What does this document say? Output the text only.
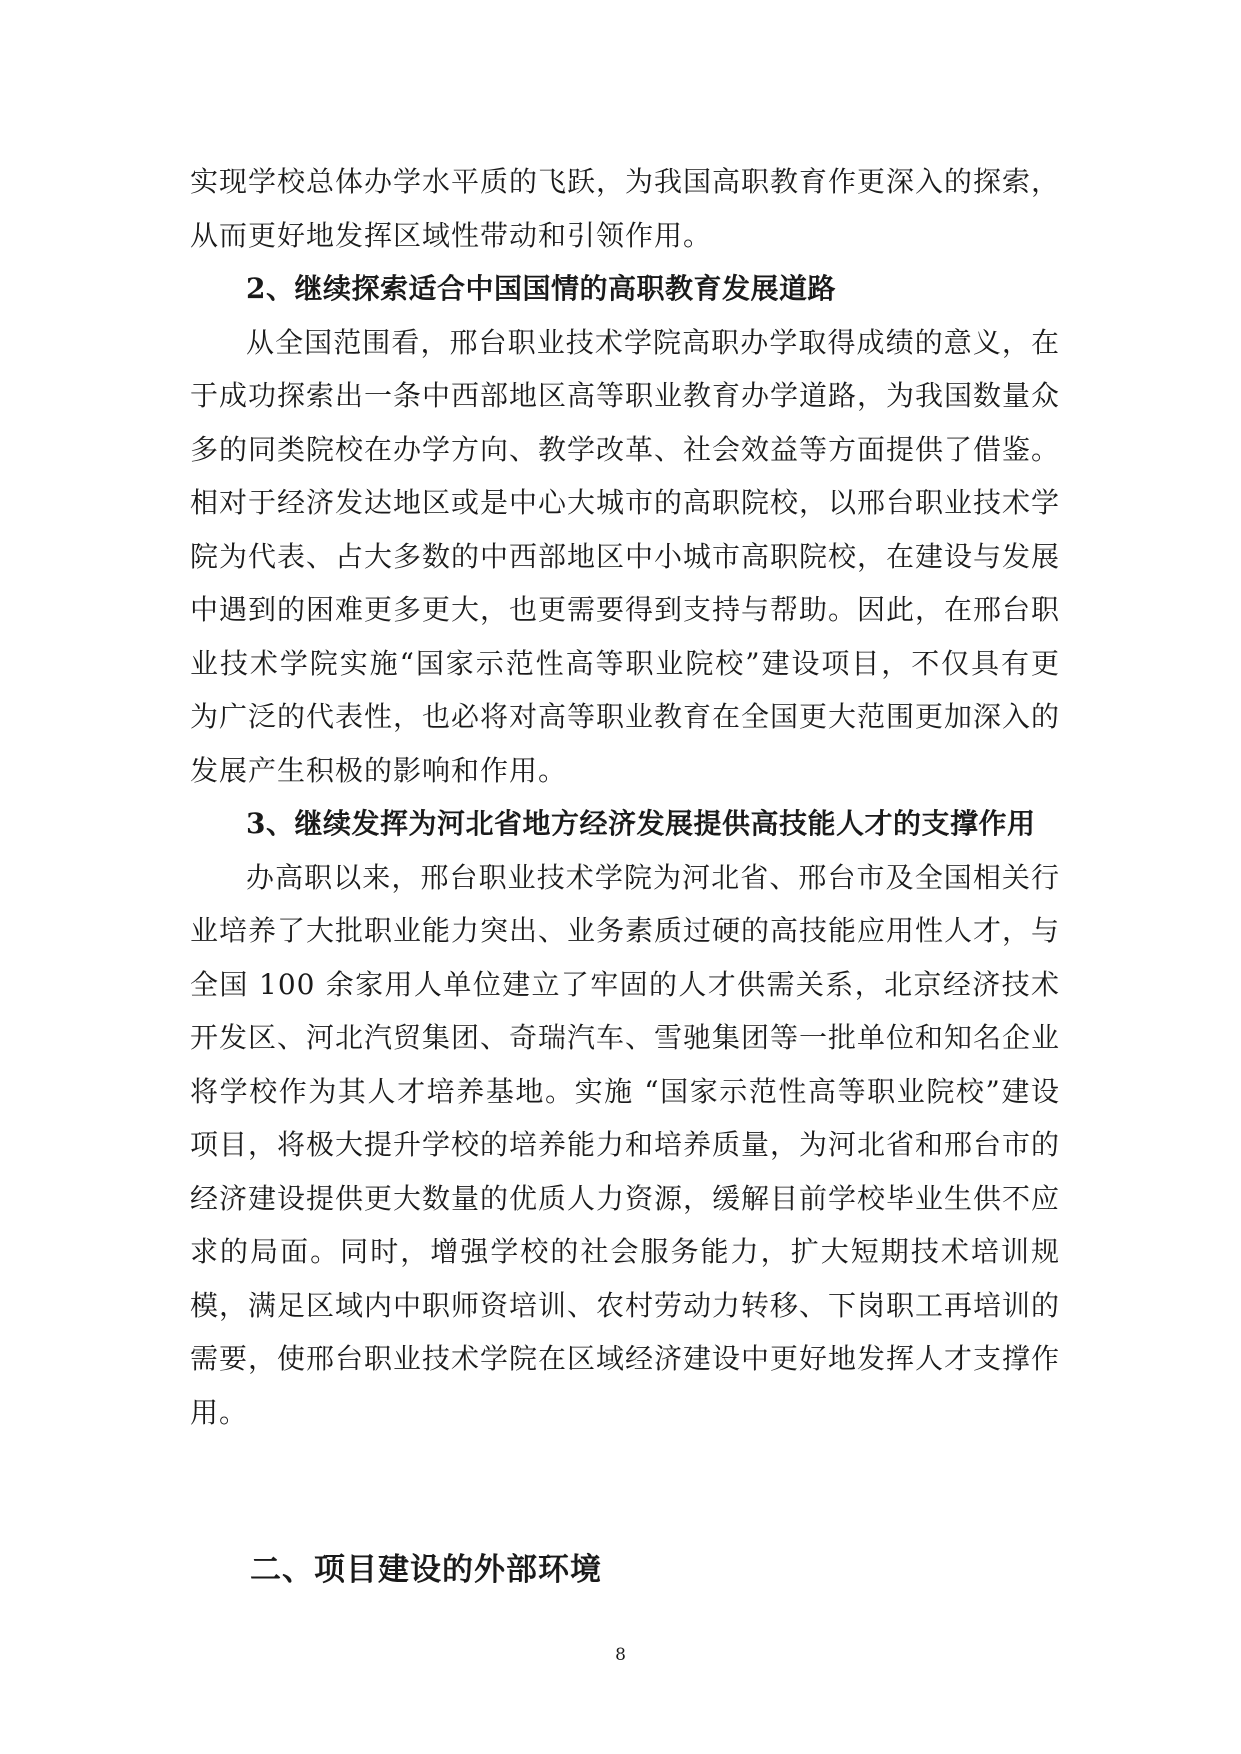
实现学校总体办学水平质的飞跃，为我国高职教育作更深入的探索，从而更好地发挥区域性带动和引领作用。

2、继续探索适合中国国情的高职教育发展道路

从全国范围看，邢台职业技术学院高职办学取得成绩的意义，在于成功探索出一条中西部地区高等职业教育办学道路，为我国数量众多的同类院校在办学方向、教学改革、社会效益等方面提供了借鉴。相对于经济发达地区或是中心大城市的高职院校，以邢台职业技术学院为代表、占大多数的中西部地区中小城市高职院校，在建设与发展中遇到的困难更多更大，也更需要得到支持与帮助。因此，在邢台职业技术学院实施“国家示范性高等职业院校”建设项目，不仅具有更为广泛的代表性，也必将对高等职业教育在全国更大范围更加深入的发展产生积极的影响和作用。

3、继续发挥为河北省地方经济发展提供高技能人才的支撑作用

办高职以来，邢台职业技术学院为河北省、邢台市及全国相关行业培养了大批职业能力突出、业务素质过硬的高技能应用性人才，与全国 100 余家用人单位建立了牢固的人才供需关系，北京经济技术开发区、河北汽贸集团、奇瑞汽车、雪驰集团等一批单位和知名企业将学校作为其人才培养基地。实施 “国家示范性高等职业院校”建设项目，将极大提升学校的培养能力和培养质量，为河北省和邢台市的经济建设提供更大数量的优质人力资源，缓解目前学校毕业生供不应求的局面。同时，增强学校的社会服务能力，扩大短期技术培训规模，满足区域内中职师资培训、农村劳动力转移、下岗职工再培训的需要，使邢台职业技术学院在区域经济建设中更好地发挥人才支撑作用。

二、项目建设的外部环境
8
